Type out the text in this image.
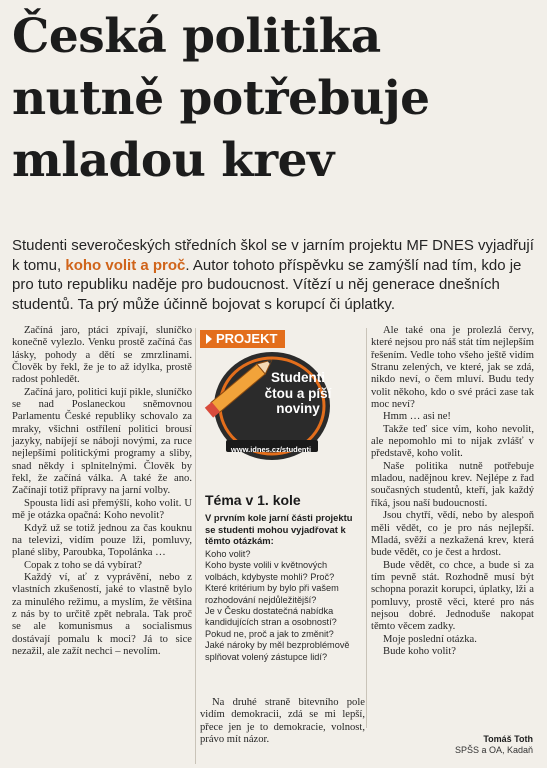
Česká politika
nutně potřebuje
mladou krev
Studenti severočeských středních škol se v jarním projektu MF DNES vyjadřují k tomu, koho volit a proč. Autor tohoto příspěvku se zamýšlí nad tím, kdo je pro tuto republiku naděje pro budoucnost. Vítězí u něj generace dnešních studentů. Ta prý může účinně bojovat s korupcí či úplatky.

Začíná jaro, ptáci zpívají, sluníčko konečně vylezlo. Venku prostě začíná čas lásky, pohody a dětí se zmrzlinami. Člověk by řekl, že je to až idylka, prostě radost pohledět.

Začíná jaro, politici kují pikle, sluníčko se nad Poslaneckou sněmovnou Parlamentu České republiky schovalo za mraky, všichni ostřílení politici brousí jazyky, nabíjejí se náboji novými, za ruce nejlepšími politickými programy a sliby, snad někdy i splnitelnými. Člověk by řekl, že začíná válka. A také že ano. Začínají totiž přípravy na jarní volby.

Spousta lidí asi přemýšlí, koho volit. U mě je otázka opačná: Koho nevolit?

Když už se totiž jednou za čas kouknu na televizi, vidím pouze lži, pomluvy, plané sliby, Paroubka, Topolánka …

Copak z toho se dá vybírat?

Každý ví, ať z vyprávění, nebo z vlastních zkušeností, jaké to vlastně bylo za minulého režimu, a myslím, že většina z nás by to určitě zpět nebrala. Tak proč se ale komunismus a socialismus dostávají pomalu k moci? Já to sice nezažil, ale zažít nechci – nevolím.

PROJEKT
Studenti
čtou a píší
noviny
www.idnes.cz/studenti
Téma v 1. kole
V prvním kole jarní části projektu se studenti mohou vyjadřovat k těmto otázkám:
Koho volit?
Koho byste volili v květnových volbách, kdybyste mohli? Proč?
Které kritérium by bylo při vašem rozhodování nejdůležitější?
Je v Česku dostatečná nabídka kandidujících stran a osobností?
Pokud ne, proč a jak to změnit?
Jaké nároky by měl bezproblémově splňovat volený zástupce lidí?

Na druhé straně bitevního pole vidím demokracii, zdá se mi lepší, přece jen je to demokracie, volnost, právo mít názor.

Ale také ona je prolezlá červy, které nejsou pro náš stát tím nejlepším řešením. Vedle toho všeho ještě vidím Stranu zelených, ve které, jak se zdá, nikdo neví, o čem mluví. Budu tedy volit někoho, kdo o své práci zase tak moc neví?

Hmm … asi ne!

Takže teď sice vím, koho nevolit, ale nepomohlo mi to nijak zvlášť v představě, koho volit.

Naše politika nutně potřebuje mladou, nadějnou krev. Nejlépe z řad současných studentů, kteří, jak každý říká, jsou naší budoucností.

Jsou chytří, vědí, nebo by alespoň měli vědět, co je pro nás nejlepší. Mladá, svěží a nezkažená krev, která bude vědět, co je čest a hrdost.

Bude vědět, co chce, a bude si za tím pevně stát. Rozhodně musí být schopna porazit korupci, úplatky, lži a pomluvy, prostě věci, které pro nás nejsou dobré. Jednoduše nakopat těmto věcem zadky.

Moje poslední otázka.

Bude koho volit?

Tomáš Toth
SPŠS a OA, Kadaň
